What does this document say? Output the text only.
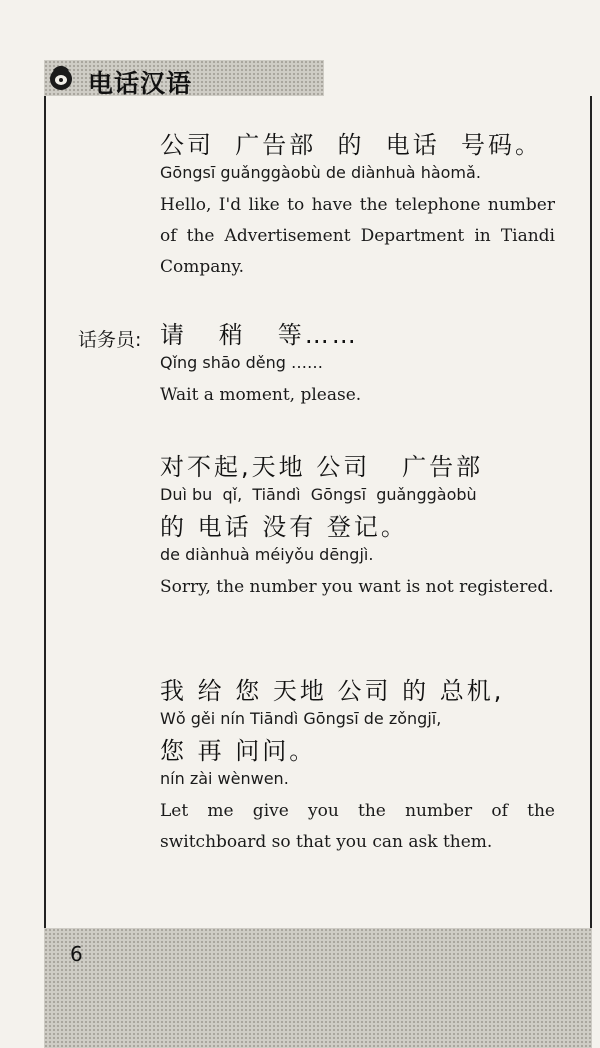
电话汉语
6
公司  广告部  的  电话  号码。
Gōngsī guǎnggàobù de diànhuà hàomǎ.
Hello, I'd like to have the telephone number of the Advertisement Department in Tiandi Company.
话务员: 请   稍   等……
Qǐng shāo děng ……
Wait a moment, please.
对不起,天地 公司   广告部
Duì bu  qǐ,  Tiāndì  Gōngsī  guǎnggàobù
的 电话 没有 登记。
de diànhuà méiyǒu dēngjì.
Sorry, the number you want is not registered.
我 给 您 天地 公司 的 总机,
Wǒ gěi nín Tiāndì Gōngsī de zǒngjī,
您 再 问问。
nín zài wènwen.
Let me give you the number of the switchboard so that you can ask them.
